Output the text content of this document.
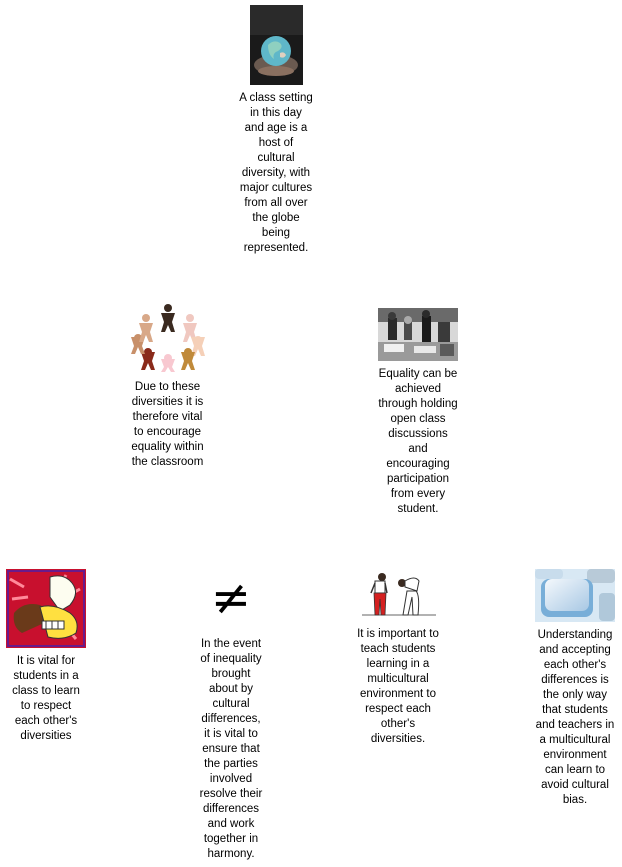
A class setting in this day and age is a host of cultural diversity, with major cultures from all over the globe being represented.
Due to these diversities it is therefore vital to encourage equality within the classroom
Equality can be achieved through holding open class discussions and encouraging participation from every student.
It is vital for students in a class to learn to respect each other's diversities
≠
In the event of inequality brought about by cultural differences, it is vital to ensure that the parties involved resolve their differences and work together in harmony.
It is important to teach students learning in a multicultural environment to respect each other's diversities.
Understanding and accepting each other's differences is the only way that students and teachers in a multicultural environment can learn to avoid cultural bias.
